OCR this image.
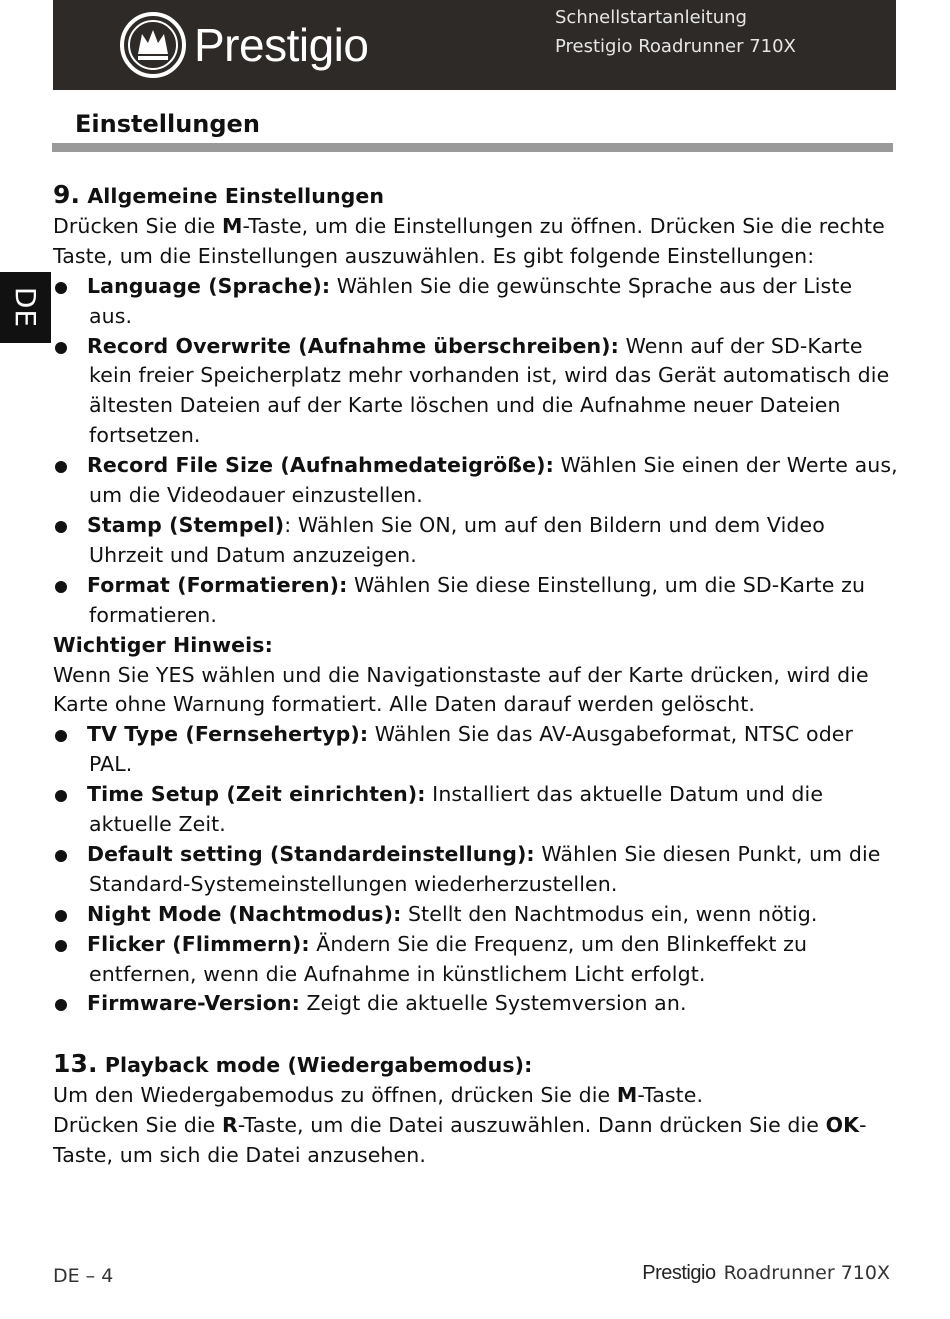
Prestigio
Schnellstartanleitung
Prestigio Roadrunner 710X
Einstellungen
DE

9. Allgemeine Einstellungen

Drücken Sie die M-Taste, um die Einstellungen zu öffnen. Drücken Sie die rechte Taste, um die Einstellungen auszuwählen. Es gibt folgende Einstellungen:

Language (Sprache): Wählen Sie die gewünschte Sprache aus der Liste aus.
Record Overwrite (Aufnahme überschreiben): Wenn auf der SD-Karte kein freier Speicherplatz mehr vorhanden ist, wird das Gerät automatisch die ältesten Dateien auf der Karte löschen und die Aufnahme neuer Dateien fortsetzen.
Record File Size (Aufnahmedateigröße): Wählen Sie einen der Werte aus, um die Videodauer einzustellen.
Stamp (Stempel): Wählen Sie ON, um auf den Bildern und dem Video Uhrzeit und Datum anzuzeigen.
Format (Formatieren): Wählen Sie diese Einstellung, um die SD-Karte zu formatieren.

Wichtiger Hinweis:

Wenn Sie YES wählen und die Navigationstaste auf der Karte drücken, wird die Karte ohne Warnung formatiert. Alle Daten darauf werden gelöscht.

TV Type (Fernsehertyp): Wählen Sie das AV-Ausgabeformat, NTSC oder PAL.
Time Setup (Zeit einrichten): Installiert das aktuelle Datum und die aktuelle Zeit.
Default setting (Standardeinstellung): Wählen Sie diesen Punkt, um die Standard-Systemeinstellungen wiederherzustellen.
Night Mode (Nachtmodus): Stellt den Nachtmodus ein, wenn nötig.
Flicker (Flimmern): Ändern Sie die Frequenz, um den Blinkeffekt zu entfernen, wenn die Aufnahme in künstlichem Licht erfolgt.
Firmware-Version: Zeigt die aktuelle Systemversion an.

13. Playback mode (Wiedergabemodus):

Um den Wiedergabemodus zu öffnen, drücken Sie die M-Taste.
Drücken Sie die R-Taste, um die Datei auszuwählen. Dann drücken Sie die OK-Taste, um sich die Datei anzusehen.

DE – 4	Prestigio Roadrunner 710X
